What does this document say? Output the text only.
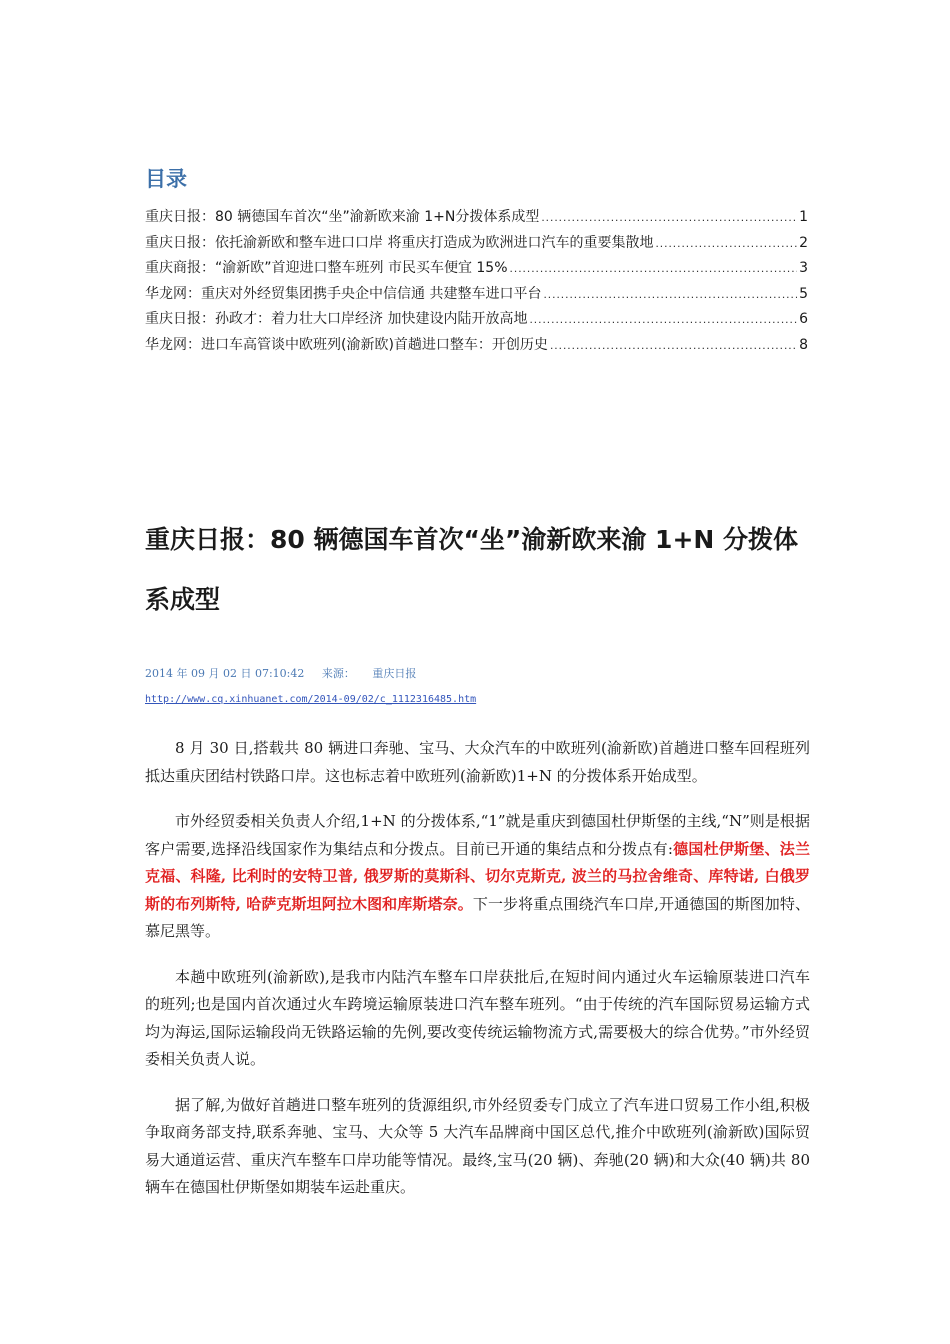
目录
重庆日报：80 辆德国车首次“坐”渝新欧来渝 1+N分拨体系成型 .....	1
重庆日报：依托渝新欧和整车进口口岸 将重庆打造成为欧洲进口汽车的重要集散地 .....	2
重庆商报：“渝新欧”首迎进口整车班列 市民买车便宜 15% .....	3
华龙网：重庆对外经贸集团携手央企中信信通 共建整车进口平台 .....	5
重庆日报：孙政才：着力壮大口岸经济 加快建设内陆开放高地 .....	6
华龙网：进口车高管谈中欧班列(渝新欧)首趟进口整车：开创历史 .....	8
重庆日报：80 辆德国车首次“坐”渝新欧来渝 1+N 分拨体系成型
2014 年 09 月 02 日 07:10:42 来源： 重庆日报
http://www.cq.xinhuanet.com/2014-09/02/c_1112316485.htm

8 月 30 日,搭载共 80 辆进口奔驰、宝马、大众汽车的中欧班列(渝新欧)首趟进口整车回程班列抵达重庆团结村铁路口岸。这也标志着中欧班列(渝新欧)1+N 的分拨体系开始成型。

市外经贸委相关负责人介绍,1+N 的分拨体系,“1”就是重庆到德国杜伊斯堡的主线,“N”则是根据客户需要,选择沿线国家作为集结点和分拨点。目前已开通的集结点和分拨点有:德国杜伊斯堡、法兰克福、科隆, 比利时的安特卫普, 俄罗斯的莫斯科、切尔克斯克, 波兰的马拉舍维奇、库特诺, 白俄罗斯的布列斯特, 哈萨克斯坦阿拉木图和库斯塔奈。下一步将重点围绕汽车口岸,开通德国的斯图加特、慕尼黑等。

本趟中欧班列(渝新欧),是我市内陆汽车整车口岸获批后,在短时间内通过火车运输原装进口汽车的班列;也是国内首次通过火车跨境运输原装进口汽车整车班列。“由于传统的汽车国际贸易运输方式均为海运,国际运输段尚无铁路运输的先例,要改变传统运输物流方式,需要极大的综合优势。”市外经贸委相关负责人说。

据了解,为做好首趟进口整车班列的货源组织,市外经贸委专门成立了汽车进口贸易工作小组,积极争取商务部支持,联系奔驰、宝马、大众等 5 大汽车品牌商中国区总代,推介中欧班列(渝新欧)国际贸易大通道运营、重庆汽车整车口岸功能等情况。最终,宝马(20 辆)、奔驰(20 辆)和大众(40 辆)共 80 辆车在德国杜伊斯堡如期装车运赴重庆。
